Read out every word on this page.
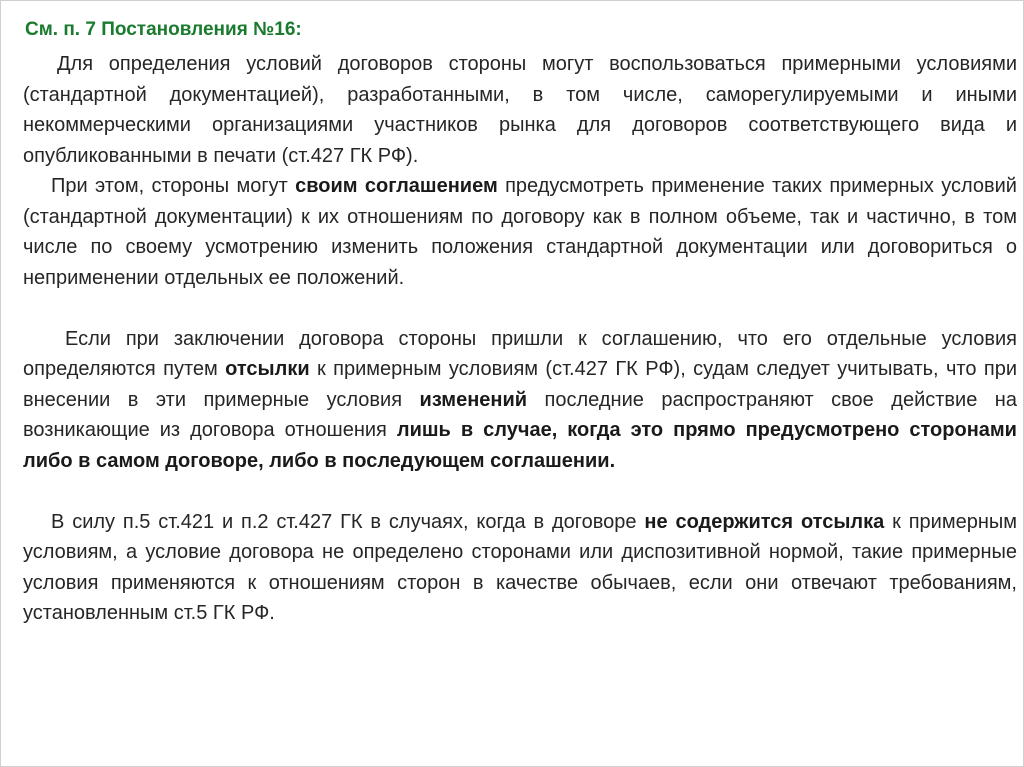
См. п. 7 Постановления №16:

Для определения условий договоров стороны могут воспользоваться примерными условиями (стандартной документацией), разработанными, в том числе, саморегулируемыми и иными некоммерческими организациями участников рынка для договоров соответствующего вида и опубликованными в печати (ст.427 ГК РФ).

При этом, стороны могут своим соглашением предусмотреть применение таких примерных условий (стандартной документации) к их отношениям по договору как в полном объеме, так и частично, в том числе по своему усмотрению изменить положения стандартной документации или договориться о неприменении отдельных ее положений.

Если при заключении договора стороны пришли к соглашению, что его отдельные условия определяются путем отсылки к примерным условиям (ст.427 ГК РФ), судам следует учитывать, что при внесении в эти примерные условия изменений последние распространяют свое действие на возникающие из договора отношения лишь в случае, когда это прямо предусмотрено сторонами либо в самом договоре, либо в последующем соглашении.

В силу п.5 ст.421 и п.2 ст.427 ГК в случаях, когда в договоре не содержится отсылка к примерным условиям, а условие договора не определено сторонами или диспозитивной нормой, такие примерные условия применяются к отношениям сторон в качестве обычаев, если они отвечают требованиям, установленным ст.5 ГК РФ.
